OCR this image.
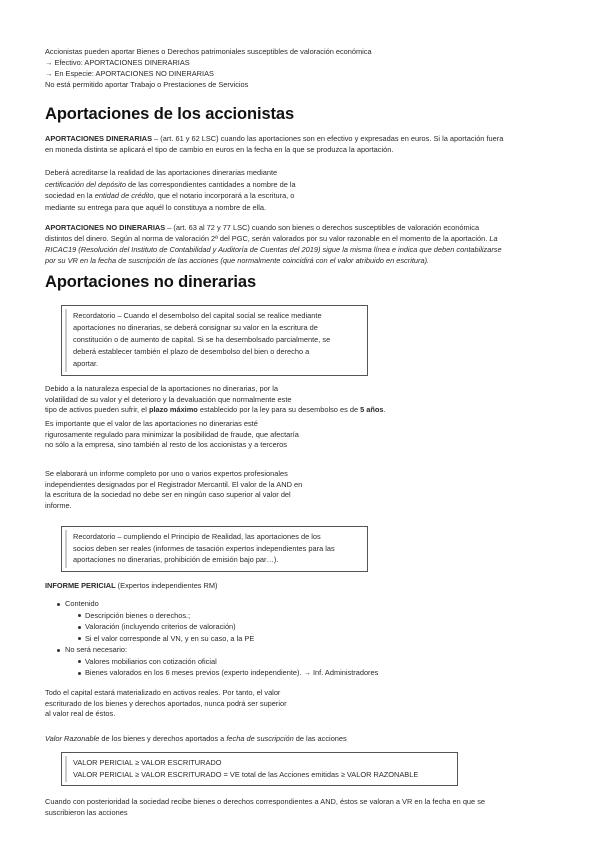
Accionistas pueden aportar Bienes o Derechos patrimoniales susceptibles de valoración económica
→ Efectivo: APORTACIONES DINERARIAS
→ En Especie: APORTACIONES NO DINERARIAS
No está permitido aportar Trabajo o Prestaciones de Servicios
Aportaciones de los accionistas
APORTACIONES DINERARIAS – (art. 61 y 62 LSC) cuando las aportaciones son en efectivo y expresadas en euros. Si la aportación fuera
en moneda distinta se aplicará el tipo de cambio en euros en la fecha en la que se produzca la aportación.
Deberá acreditarse la realidad de las aportaciones dinerarias mediante
certificación del depósito de las correspondientes cantidades a nombre de la
sociedad en la entidad de crédito, que el notario incorporará a la escritura, o
mediante su entrega para que aquél lo constituya a nombre de ella.
APORTACIONES NO DINERARIAS – (art. 63 al 72 y 77 LSC) cuando son bienes o derechos susceptibles de valoración económica
distintos del dinero. Según al norma de valoración 2ª del PGC, serán valorados por su valor razonable en el momento de la aportación. La
RICAC19 (Resolución del Instituto de Contabilidad y Auditoría de Cuentas del 2019) sigue la misma línea e indica que deben contabilizarse
por su VR en la fecha de suscripción de las acciones (que normalmente coincidirá con el valor atribuido en escritura).
Aportaciones no dinerarias
Recordatorio – Cuando el desembolso del capital social se realice mediante
aportaciones no dinerarias, se deberá consignar su valor en la escritura de
constitución o de aumento de capital. Si se ha desembolsado parcialmente, se
deberá establecer también el plazo de desembolso del bien o derecho a
aportar.
Debido a la naturaleza especial de la aportaciones no dinerarias, por la
volatilidad de su valor y el deterioro y la devaluación que normalmente este
tipo de activos pueden sufrir, el plazo máximo establecido por la ley para su desembolso es de 5 años.
Es importante que el valor de las aportaciones no dinerarias esté
rigurosamente regulado para minimizar la posibilidad de fraude, que afectaría
no sólo a la empresa, sino también al resto de los accionistas y a terceros
Se elaborará un informe completo por uno o varios expertos profesionales
independientes designados por el Registrador Mercantil. El valor de la AND en
la escritura de la sociedad no debe ser en ningún caso superior al valor del
informe.
Recordatorio – cumpliendo el Principio de Realidad, las aportaciones de los
socios deben ser reales (informes de tasación expertos independientes para las
aportaciones no dinerarias, prohibición de emisión bajo par…).
INFORME PERICIAL (Expertos independientes RM)
Contenido
Descripción bienes o derechos.;
Valoración (incluyendo criterios de valoración)
Si el valor corresponde al VN, y en su caso, a la PE
No será necesario:
Valores mobiliarios con cotización oficial
Bienes valorados en los 6 meses previos (experto independiente). → Inf. Administradores
Todo el capital estará materializado en activos reales. Por tanto, el valor
escriturado de los bienes y derechos aportados, nunca podrá ser superior
al valor real de éstos.
Valor Razonable de los bienes y derechos aportados a fecha de suscripción de las acciones
VALOR PERICIAL ≥ VALOR ESCRITURADO
VALOR PERICIAL ≥ VALOR ESCRITURADO = VE total de las Acciones emitidas ≥ VALOR RAZONABLE
Cuando con posterioridad la sociedad recibe bienes o derechos correspondientes a AND, éstos se valoran a VR en la fecha en que se
suscribieron las acciones
